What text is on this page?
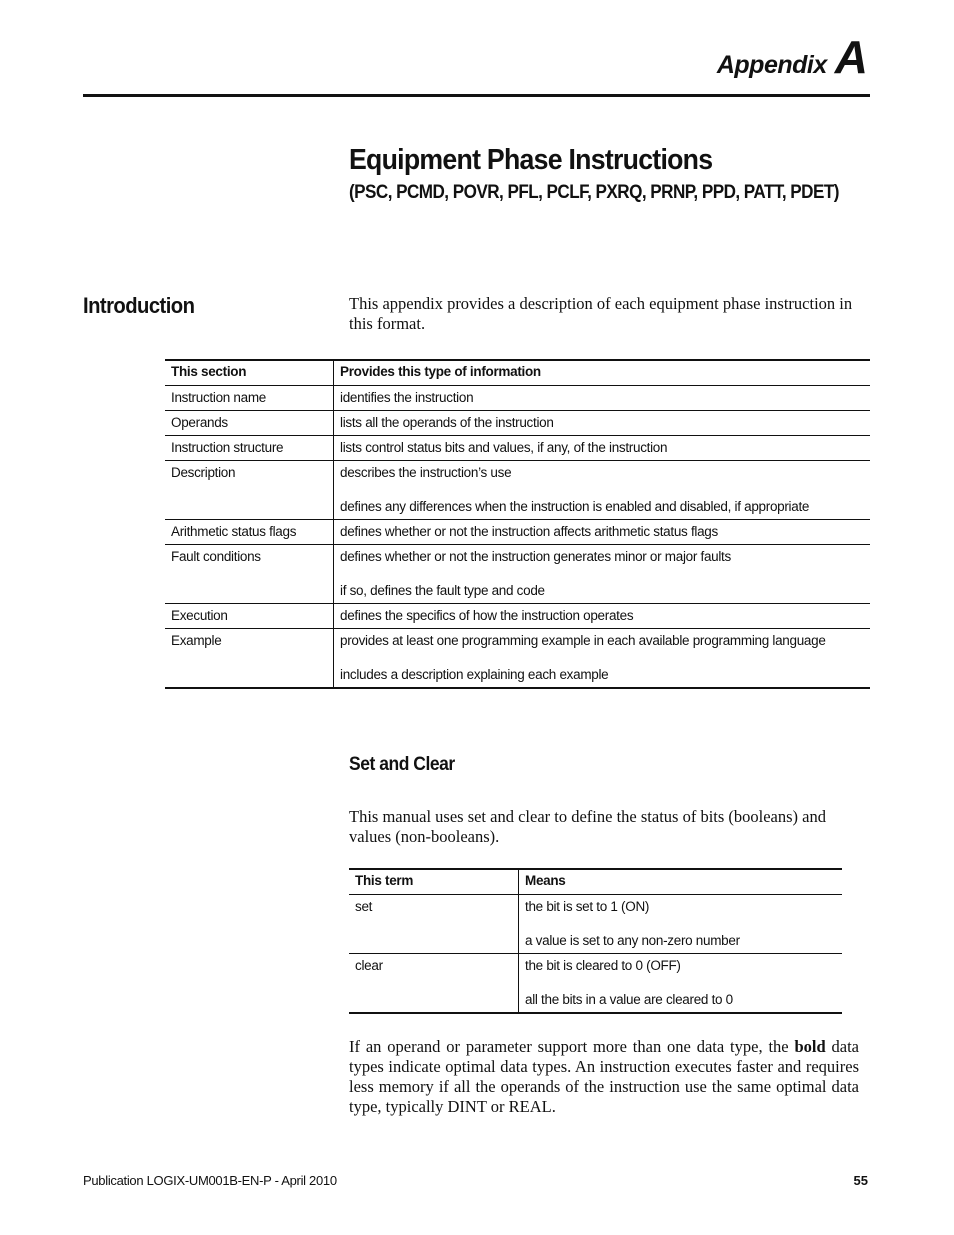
Appendix A
Equipment Phase Instructions
(PSC, PCMD, POVR, PFL, PCLF, PXRQ, PRNP, PPD, PATT, PDET)
Introduction	This appendix provides a description of each equipment phase instruction in this format.
This section	Provides this type of information
Instruction name	identifies the instruction
Operands	lists all the operands of the instruction
Instruction structure	lists control status bits and values, if any, of the instruction
Description	describes the instruction’s use
defines any differences when the instruction is enabled and disabled, if appropriate

Arithmetic status flags	defines whether or not the instruction affects arithmetic status flags
Fault conditions	defines whether or not the instruction generates minor or major faults
if so, defines the fault type and code

Execution	defines the specifics of how the instruction operates
Example	provides at least one programming example in each available programming language
includes a description explaining each example
Set and Clear
This manual uses set and clear to define the status of bits (booleans) and values (non-booleans).
This term	Means
set	the bit is set to 1 (ON)
a value is set to any non-zero number

clear	the bit is cleared to 0 (OFF)
all the bits in a value are cleared to 0
If an operand or parameter support more than one data type, the bold data types indicate optimal data types. An instruction executes faster and requires less memory if all the operands of the instruction use the same optimal data type, typically DINT or REAL.
Publication LOGIX-UM001B-EN-P - April 2010	55
